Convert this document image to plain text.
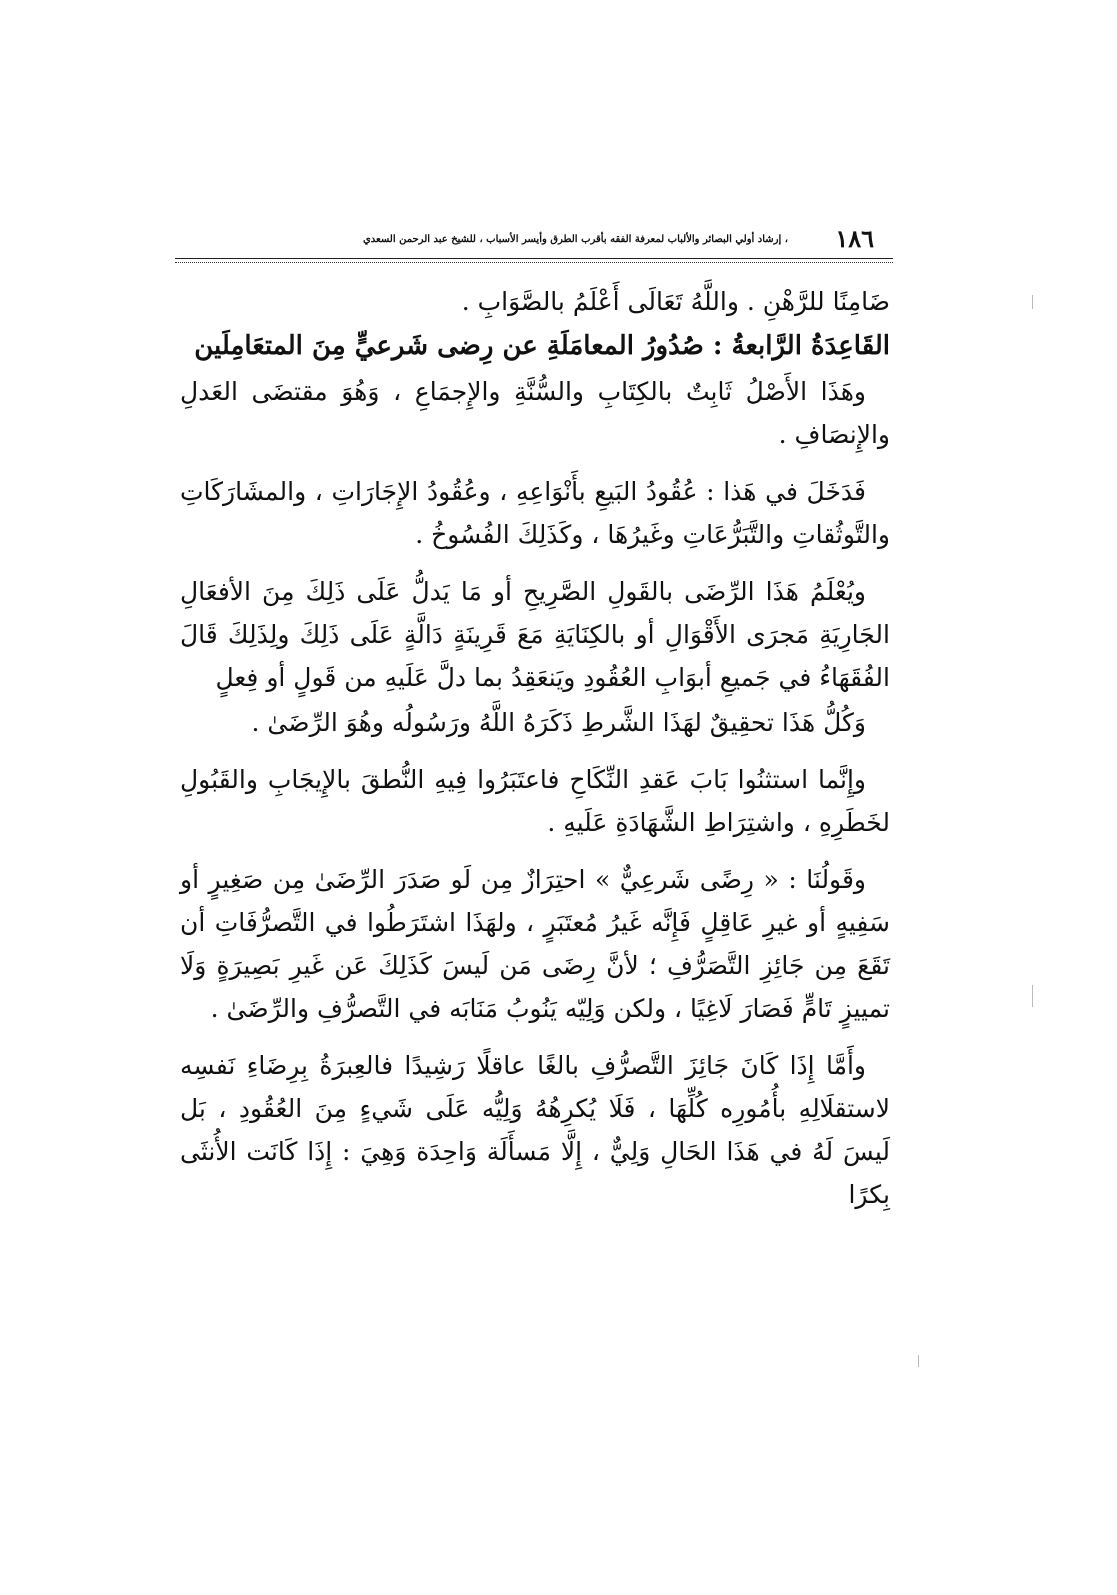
١٨٦
، إرشاد أولي البصائر والألباب لمعرفة الفقه بأقرب الطرق وأيسر الأسباب ، للشيخ عبد الرحمن السعدي

ضَامِنًا للرَّهْنِ . واللَّهُ تَعَالَى أَعْلَمُ بالصَّوَابِ .

القَاعِدَةُ الرَّابعةُ : صُدُورُ المعامَلَةِ عن رِضى شَرعيٍّ مِنَ المتعَامِلَين

وهَذَا الأَصْلُ ثَابِتٌ بالكِتَابِ والسُّنَّةِ والإِجمَاعِ ، وَهُوَ مقتضَى العَدلِ والإِنصَافِ .

فَدَخَلَ في هَذا : عُقُودُ البَيعِ بأَنْوَاعِهِ ، وعُقُودُ الإِجَارَاتِ ، والمشَارَكَاتِ والتَّوثُقاتِ والتَّبَرُّعَاتِ وغَيرُهَا ، وكَذَلِكَ الفُسُوخُ .

ويُعْلَمُ هَذَا الرِّضَى بالقَولِ الصَّرِيحِ أو مَا يَدلُّ عَلَى ذَلِكَ مِنَ الأفعَالِ الجَارِيَةِ مَجرَى الأَقْوَالِ أو بالكِنَايَةِ مَعَ قَرِينَةٍ دَالَّةٍ عَلَى ذَلِكَ ولِذَلِكَ قَالَ الفُقَهَاءُ في جَميعِ أبوَابِ العُقُودِ ويَنعَقِدُ بما دلَّ عَلَيهِ من قَولٍ أو فِعلٍ

وَكُلُّ هَذَا تحقِيقٌ لهَذَا الشَّرطِ ذَكَرَهُ اللَّهُ ورَسُولُه وهُوَ الرِّضَىٰ .

وإِنَّما استثنُوا بَابَ عَقدِ النِّكَاحِ فاعتَبَرُوا فِيهِ النُّطقَ بالإِيجَابِ والقَبُولِ لخَطَرِهِ ، واشتِرَاطِ الشَّهَادَةِ عَلَيهِ .

وقَولُنَا : « رِضًى شَرعِيٌّ » احتِرَازٌ مِن لَو صَدَرَ الرِّضَىٰ مِن صَغِيرٍ أو سَفِيهٍ أو غيرِ عَاقِلٍ فَإِنَّه غَيرُ مُعتَبَرٍ ، ولهَذَا اشتَرَطُوا في التَّصرُّفَاتِ أن تَقَعَ مِن جَائِزِ التَّصَرُّفِ ؛ لأنَّ رِضَى مَن لَيسَ كَذَلِكَ عَن غَيرِ بَصِيرَةٍ وَلَا تمييزٍ تَامٍّ فَصَارَ لَاغِيًا ، ولكن وَلِيّه يَنُوبُ مَنَابَه في التَّصرُّفِ والرِّضَىٰ .

وأَمَّا إِذَا كَانَ جَائِزَ التَّصرُّفِ بالغًا عاقلًا رَشِيدًا فالعِبرَةُ بِرِضَاءِ نَفسِه لاستقلَالِهِ بأُمُورِه كُلِّهَا ، فَلَا يُكرِهُهُ وَلِيُّه عَلَى شَيءٍ مِنَ العُقُودِ ، بَل لَيسَ لَهُ في هَذَا الحَالِ وَلِيٌّ ، إِلَّا مَسأَلَة وَاحِدَة وَهِيَ : إِذَا كَانَت الأُنثَى بِكرًا
